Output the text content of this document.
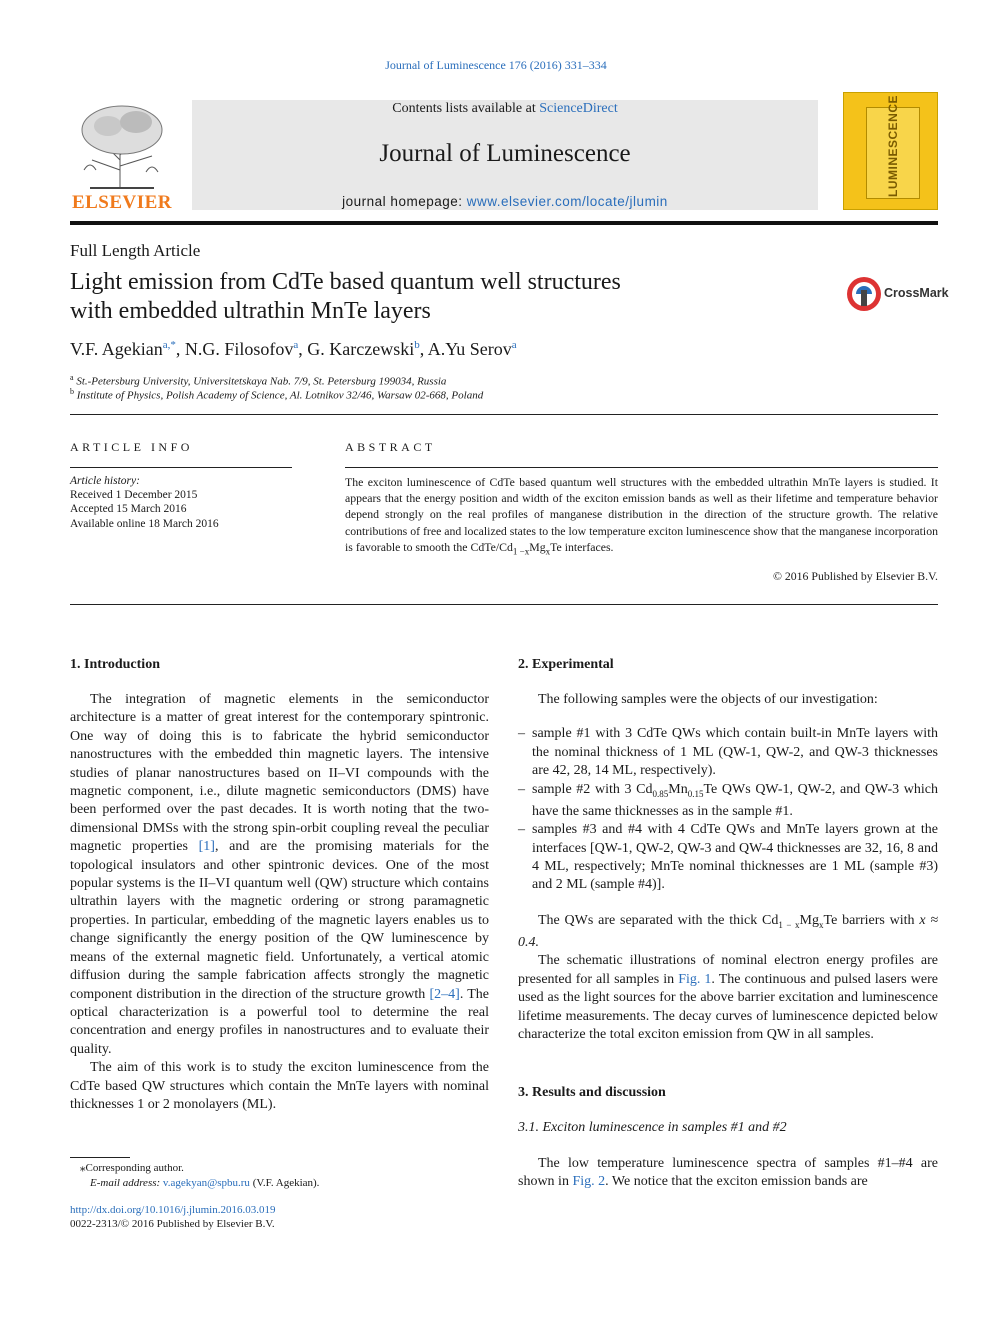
Journal of Luminescence 176 (2016) 331–334
ELSEVIER
Contents lists available at ScienceDirect
Journal of Luminescence
journal homepage: www.elsevier.com/locate/jlumin
LUMINESCENCE
Full Length Article
Light emission from CdTe based quantum well structures
with embedded ultrathin MnTe layers
CrossMark
V.F. Agekian$^{a,*}$, N.G. Filosofov$^a$, G. Karczewski$^b$, A.Yu Serov$^a$
$^a$ St.-Petersburg University, Universitetskaya Nab. 7/9, St. Petersburg 199034, Russia
$^b$ Institute of Physics, Polish Academy of Science, Al. Lotnikov 32/46, Warsaw 02-668, Poland
ARTICLE INFO	ABSTRACT
Article history:
Received 1 December 2015
Accepted 15 March 2016
Available online 18 March 2016
The exciton luminescence of CdTe based quantum well structures with the embedded ultrathin MnTe layers is studied. It appears that the energy position and width of the exciton emission bands as well as their lifetime and temperature behavior depend strongly on the real profiles of manganese distribution in the direction of the structure growth. The relative contributions of free and localized states to the low temperature exciton luminescence show that the manganese incorporation is favorable to smooth the CdTe/$Cd_{1 -x}Mg_xTe$ interfaces.
© 2016 Published by Elsevier B.V.
1. Introduction

The integration of magnetic elements in the semiconductor architecture is a matter of great interest for the contemporary spintronic. One way of doing this is to fabricate the hybrid semiconductor nanostructures with the embedded thin magnetic layers. The intensive studies of planar nanostructures based on II–VI compounds with the magnetic component, i.e., dilute magnetic semiconductors (DMS) have been performed over the past decades. It is worth noting that the two-dimensional DMSs with the strong spin-orbit coupling reveal the peculiar magnetic properties [1], and are the promising materials for the topological insulators and other spintronic devices. One of the most popular systems is the II–VI quantum well (QW) structure which contains ultrathin layers with the magnetic ordering or strong paramagnetic properties. In particular, embedding of the magnetic layers enables us to change significantly the energy position of the QW luminescence by means of the external magnetic field. Unfortunately, a vertical atomic diffusion during the sample fabrication affects strongly the magnetic component distribution in the direction of the structure growth [2–4]. The optical characterization is a powerful tool to determine the real concentration and energy profiles in nanostructures and to evaluate their quality.

The aim of this work is to study the exciton luminescence from the CdTe based QW structures which contain the MnTe layers with nominal thicknesses 1 or 2 monolayers (ML).

⁎Corresponding author.
E-mail address: v.agekyan@spbu.ru (V.F. Agekian).
http://dx.doi.org/10.1016/j.jlumin.2016.03.019
0022-2313/© 2016 Published by Elsevier B.V.
2. Experimental

The following samples were the objects of our investigation:

– sample #1 with 3 CdTe QWs which contain built-in MnTe layers with the nominal thickness of 1 ML (QW-1, QW-2, and QW-3 thicknesses are 42, 28, 14 ML, respectively).
– sample #2 with 3 $Cd_{0.85}Mn_{0.15}Te$ QWs QW-1, QW-2, and QW-3 which have the same thicknesses as in the sample #1.
– samples #3 and #4 with 4 CdTe QWs and MnTe layers grown at the interfaces [QW-1, QW-2, QW-3 and QW-4 thicknesses are 32, 16, 8 and 4 ML, respectively; MnTe nominal thicknesses are 1 ML (sample #3) and 2 ML (sample #4)].

The QWs are separated with the thick $Cd_{1 - x}Mg_xTe$ barriers with x ≈ 0.4.

The schematic illustrations of nominal electron energy profiles are presented for all samples in Fig. 1. The continuous and pulsed lasers were used as the light sources for the above barrier excitation and luminescence lifetime measurements. The decay curves of luminescence depicted below characterize the total exciton emission from QW in all samples.

3. Results and discussion
3.1. Exciton luminescence in samples #1 and #2

The low temperature luminescence spectra of samples #1–#4 are shown in Fig. 2. We notice that the exciton emission bands are
